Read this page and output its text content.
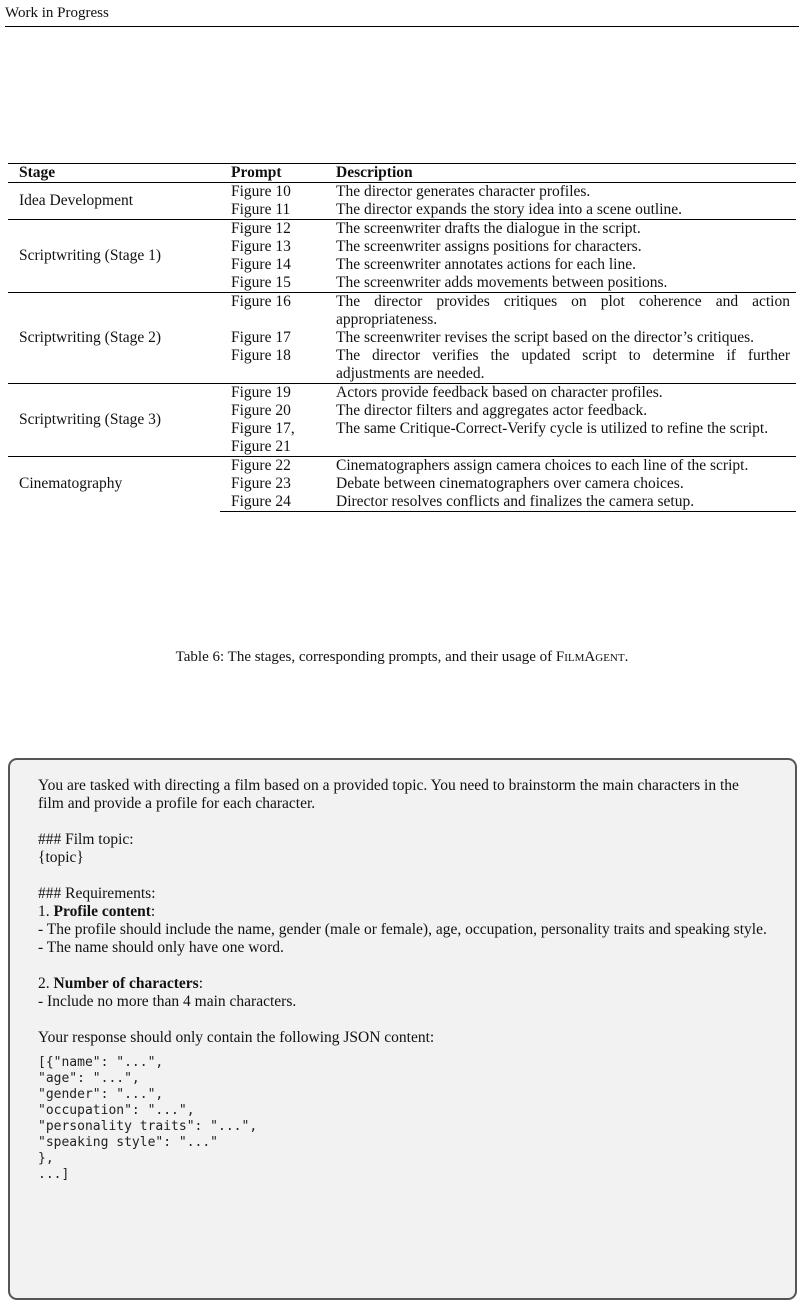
Work in Progress
Stage	Prompt	Description
Idea Development	Figure 10	The director generates character profiles.
	Figure 11	The director expands the story idea into a scene outline.
Scriptwriting (Stage 1)	Figure 12	The screenwriter drafts the dialogue in the script.
	Figure 13	The screenwriter assigns positions for characters.
	Figure 14	The screenwriter annotates actions for each line.
	Figure 15	The screenwriter adds movements between positions.
Scriptwriting (Stage 2)	Figure 16	The director provides critiques on plot coherence and action appropriateness.
	Figure 17	The screenwriter revises the script based on the director’s critiques.
	Figure 18	The director verifies the updated script to determine if further adjustments are needed.
Scriptwriting (Stage 3)	Figure 19	Actors provide feedback based on character profiles.
	Figure 20	The director filters and aggregates actor feedback.
	Figure 17, Figure 21	The same Critique-Correct-Verify cycle is utilized to refine the script.
Cinematography	Figure 22	Cinematographers assign camera choices to each line of the script.
	Figure 23	Debate between cinematographers over camera choices.
	Figure 24	Director resolves conflicts and finalizes the camera setup.
Table 6: The stages, corresponding prompts, and their usage of FilmAgent.

You are tasked with directing a film based on a provided topic. You need to brainstorm the main characters in the film and provide a profile for each character.

### Film topic:

{topic}

### Requirements:

1. Profile content:

- The profile should include the name, gender (male or female), age, occupation, personality traits and speaking style.

- The name should only have one word.

2. Number of characters:

- Include no more than 4 main characters.

Your response should only contain the following JSON content:

[{"name": "...",
"age": "...",
"gender": "...",
"occupation": "...",
"personality traits": "...",
"speaking style": "..."
},
...]
